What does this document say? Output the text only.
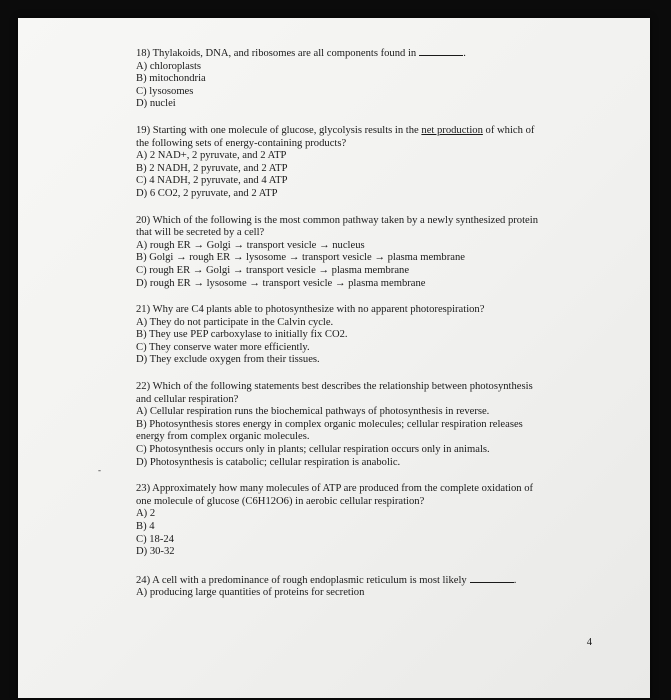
18) Thylakoids, DNA, and ribosomes are all components found in	.
A) chloroplasts
B) mitochondria
C) lysosomes
D) nuclei
19) Starting with one molecule of glucose, glycolysis results in the net production of which of
the following sets of energy-containing products?
A) 2 NAD+, 2 pyruvate, and 2 ATP
B) 2 NADH, 2 pyruvate, and 2 ATP
C) 4 NADH, 2 pyruvate, and 4 ATP
D) 6 CO2, 2 pyruvate, and 2 ATP
20) Which of the following is the most common pathway taken by a newly synthesized protein
that will be secreted by a cell?
A) rough ER → Golgi → transport vesicle → nucleus
B) Golgi → rough ER → lysosome → transport vesicle → plasma membrane
C) rough ER → Golgi → transport vesicle → plasma membrane
D) rough ER → lysosome → transport vesicle → plasma membrane
21) Why are C4 plants able to photosynthesize with no apparent photorespiration?
A) They do not participate in the Calvin cycle.
B) They use PEP carboxylase to initially fix CO2.
C) They conserve water more efficiently.
D) They exclude oxygen from their tissues.
22) Which of the following statements best describes the relationship between photosynthesis
and cellular respiration?
A) Cellular respiration runs the biochemical pathways of photosynthesis in reverse.
B) Photosynthesis stores energy in complex organic molecules; cellular respiration releases
energy from complex organic molecules.
C) Photosynthesis occurs only in plants; cellular respiration occurs only in animals.
D) Photosynthesis is catabolic; cellular respiration is anabolic.
23) Approximately how many molecules of ATP are produced from the complete oxidation of
one molecule of glucose (C6H12O6) in aerobic cellular respiration?
A) 2
B) 4
C) 18-24
D) 30-32
24) A cell with a predominance of rough endoplasmic reticulum is most likely	.
A) producing large quantities of proteins for secretion
-
4
